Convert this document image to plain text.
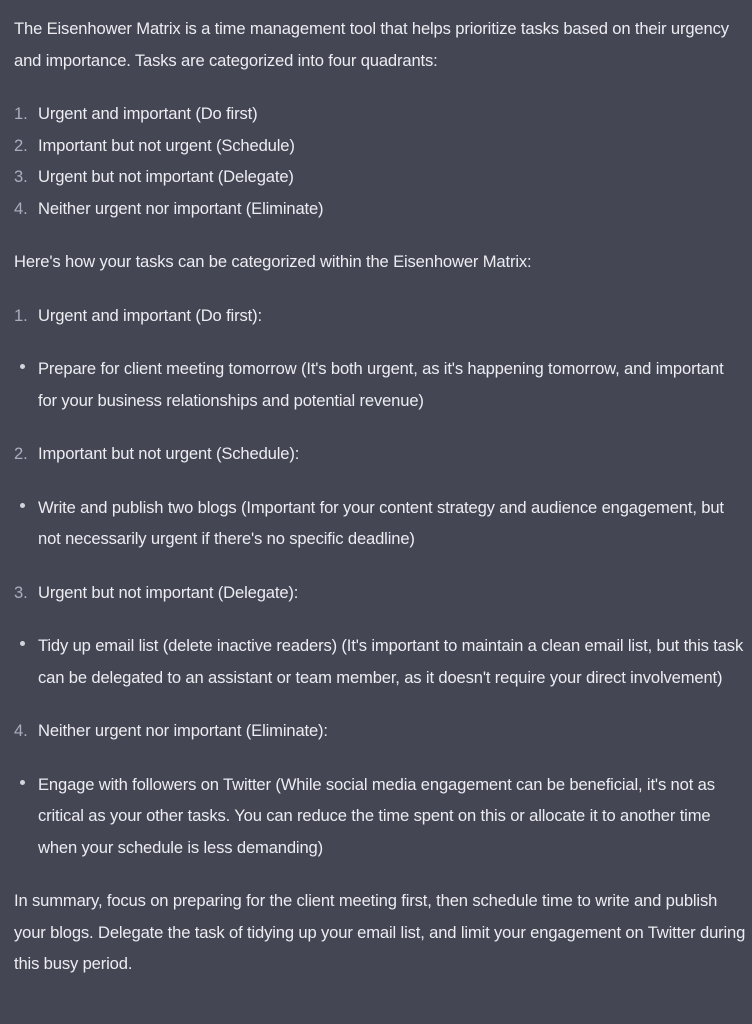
The Eisenhower Matrix is a time management tool that helps prioritize tasks based on their urgency and importance. Tasks are categorized into four quadrants:

1. Urgent and important (Do first)
2. Important but not urgent (Schedule)
3. Urgent but not important (Delegate)
4. Neither urgent nor important (Eliminate)

Here's how your tasks can be categorized within the Eisenhower Matrix:

1. Urgent and important (Do first):
Prepare for client meeting tomorrow (It's both urgent, as it's happening tomorrow, and important for your business relationships and potential revenue)
2. Important but not urgent (Schedule):
Write and publish two blogs (Important for your content strategy and audience engagement, but not necessarily urgent if there's no specific deadline)
3. Urgent but not important (Delegate):
Tidy up email list (delete inactive readers) (It's important to maintain a clean email list, but this task can be delegated to an assistant or team member, as it doesn't require your direct involvement)
4. Neither urgent nor important (Eliminate):
Engage with followers on Twitter (While social media engagement can be beneficial, it's not as critical as your other tasks. You can reduce the time spent on this or allocate it to another time when your schedule is less demanding)

In summary, focus on preparing for the client meeting first, then schedule time to write and publish your blogs. Delegate the task of tidying up your email list, and limit your engagement on Twitter during this busy period.
